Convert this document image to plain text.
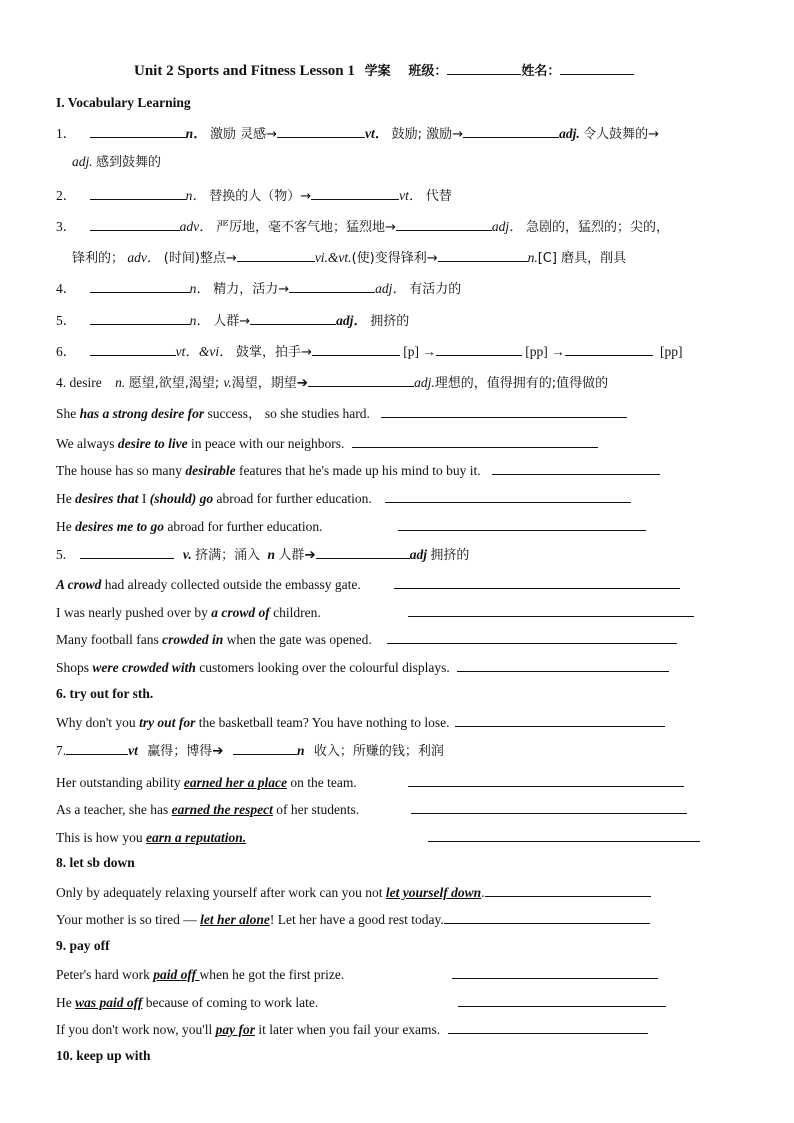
Unit 2 Sports and Fitness Lesson 1 学案 班级：	姓名：
I. Vocabulary Learning
1．	n． 激励 灵感→	vt． 鼓励; 激励→	adj. 令人鼓舞的→
adj. 感到鼓舞的
2．	n． 替换的人（物）→	vt． 代替
3．	adv． 严厉地，毫不客气地；猛烈地→	adj． 急剧的，猛烈的；尖的，
锋利的； adv． (时间)整点→	vi.&vt.(使)变得锋利→	n.[C] 磨具，削具
4．	n． 精力，活力→	adj． 有活力的
5．	n． 人群→	adj． 拥挤的
6．	vt．&vi． 鼓掌，拍手→	[p] →	[pp] →	[pp]
4. desire n. 愿望,欲望,渴望; v.渴望，期望➔	adj.理想的，值得拥有的;值得做的
She has a strong desire for success， so she studies hard.
We always desire to live in peace with our neighbors.
The house has so many desirable features that he's made up his mind to buy it.
He desires that I (should) go abroad for further education.
He desires me to go abroad for further education.
5.	v. 挤满；涌入 n 人群➔	adj 拥挤的
A crowd had already collected outside the embassy gate.
I was nearly pushed over by a crowd of children.
Many football fans crowded in when the gate was opened.
Shops were crowded with customers looking over the colourful displays.
6. try out for sth.
Why don't you try out for the basketball team? You have nothing to lose.
7.	vt 赢得；博得➔	n 收入；所赚的钱；利润
Her outstanding ability earned her a place on the team.
As a teacher, she has earned the respect of her students.
This is how you earn a reputation.
8. let sb down
Only by adequately relaxing yourself after work can you not let yourself down.
Your mother is so tired — let her alone! Let her have a good rest today.
9. pay off
Peter's hard work paid off when he got the first prize.
He was paid off because of coming to work late.
If you don't work now, you'll pay for it later when you fail your exams.
10. keep up with
